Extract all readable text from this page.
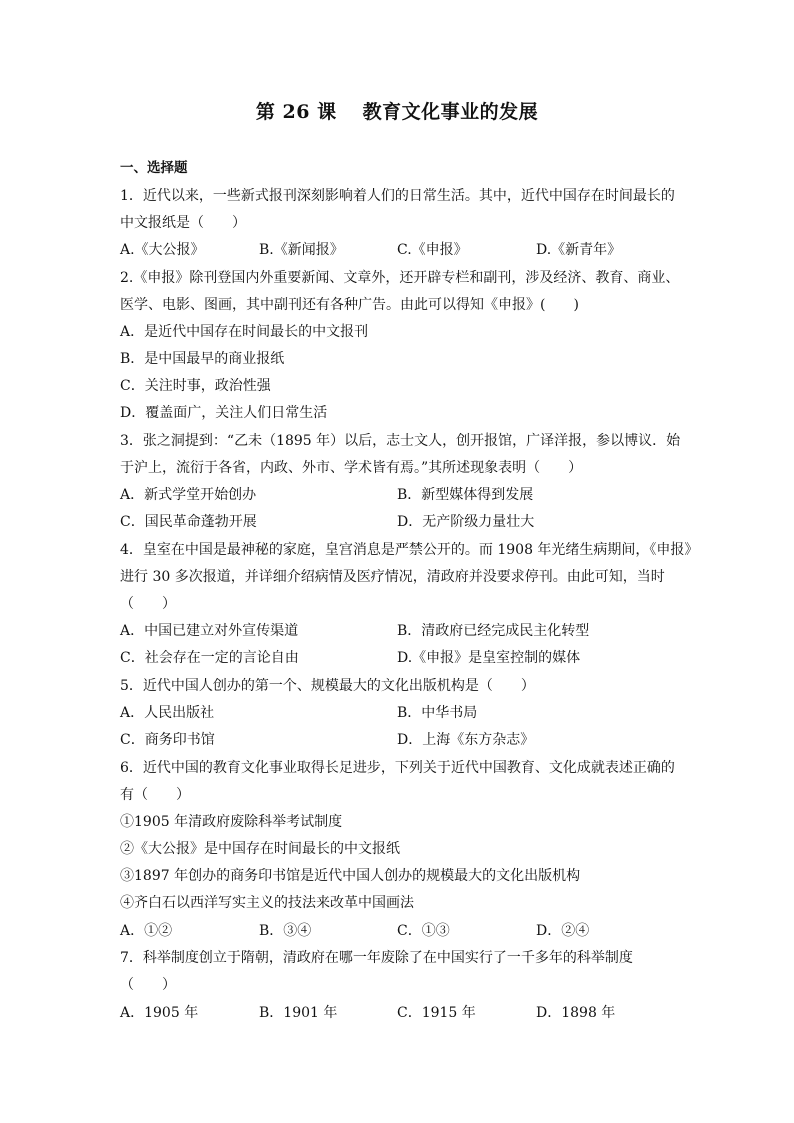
第 26 课 教育文化事业的发展
一、选择题
1．近代以来，一些新式报刊深刻影响着人们的日常生活。其中，近代中国存在时间最长的
中文报纸是（　　）
A.《大公报》	B.《新闻报》	C.《申报》	D.《新青年》
2.《申报》除刊登国内外重要新闻、文章外，还开辟专栏和副刊，涉及经济、教育、商业、
医学、电影、图画，其中副刊还有各种广告。由此可以得知《申报》(　　)
A．是近代中国存在时间最长的中文报刊
B．是中国最早的商业报纸
C．关注时事，政治性强
D．覆盖面广，关注人们日常生活
3．张之洞提到：“乙未（1895 年）以后，志士文人，创开报馆，广译洋报，参以博议．始
于沪上，流衍于各省，内政、外市、学术皆有焉。”其所述现象表明（　　）
A．新式学堂开始创办	B．新型媒体得到发展
C．国民革命蓬勃开展	D．无产阶级力量壮大
4．皇室在中国是最神秘的家庭，皇宫消息是严禁公开的。而 1908 年光绪生病期间，《申报》
进行 30 多次报道，并详细介绍病情及医疗情况，清政府并没要求停刊。由此可知，当时
（　　）
A．中国已建立对外宣传渠道	B．清政府已经完成民主化转型
C．社会存在一定的言论自由	D.《申报》是皇室控制的媒体
5．近代中国人创办的第一个、规模最大的文化出版机构是（　　）
A．人民出版社	B．中华书局
C．商务印书馆	D．上海《东方杂志》
6．近代中国的教育文化事业取得长足进步，下列关于近代中国教育、文化成就表述正确的
有（　　）
①1905 年清政府废除科举考试制度
②《大公报》是中国存在时间最长的中文报纸
③1897 年创办的商务印书馆是近代中国人创办的规模最大的文化出版机构
④齐白石以西洋写实主义的技法来改革中国画法
A．①②	B．③④	C．①③	D．②④
7．科举制度创立于隋朝，清政府在哪一年废除了在中国实行了一千多年的科举制度
（　　）
A．1905 年	B．1901 年	C．1915 年	D．1898 年
